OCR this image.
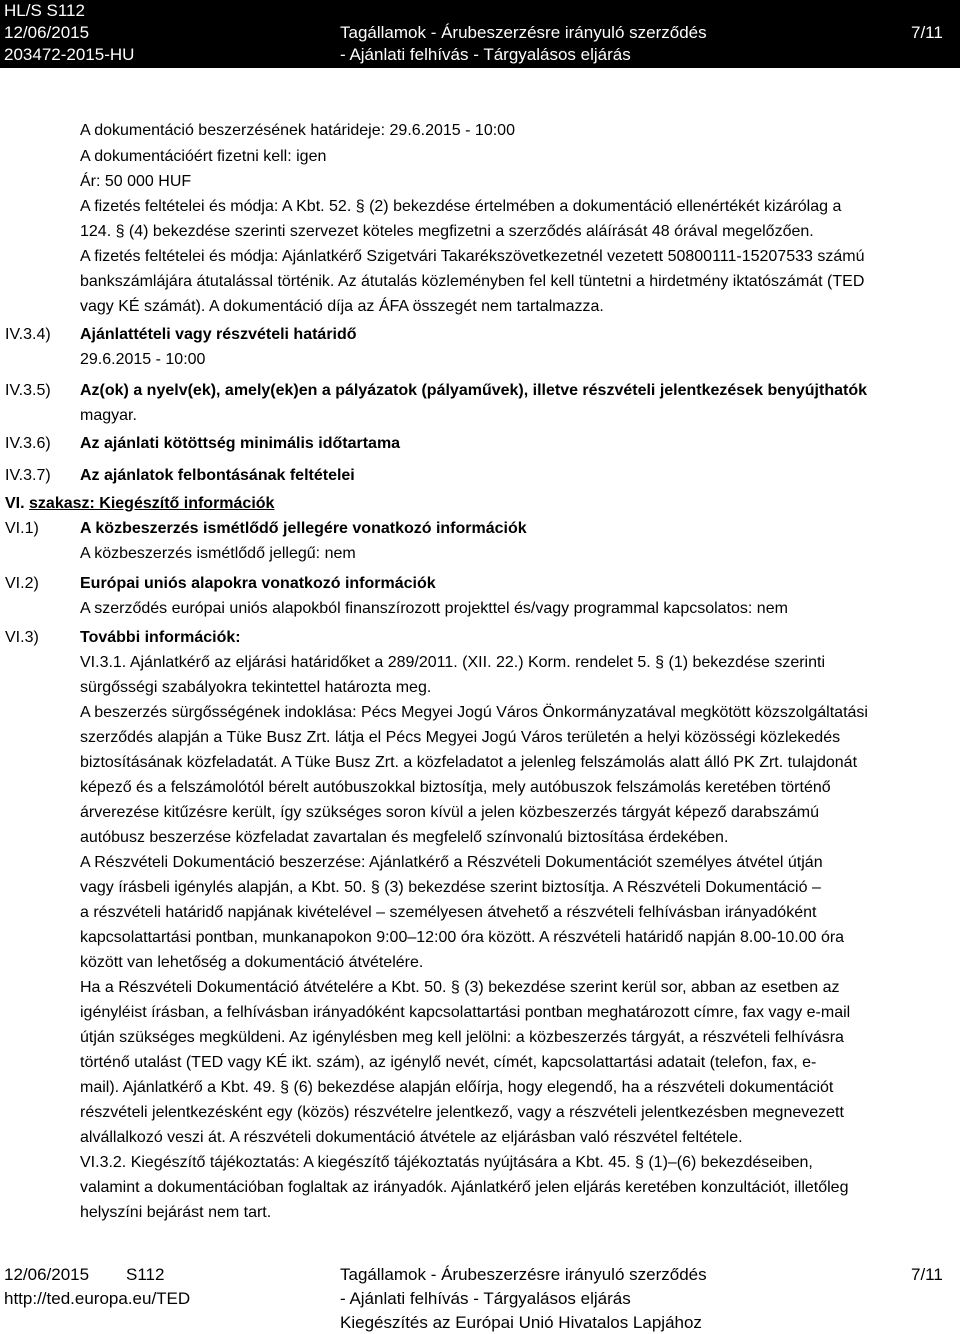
HL/S S112
12/06/2015
203472-2015-HU
Tagállamok - Árubeszerzésre irányuló szerződés
- Ajánlati felhívás - Tárgyalásos eljárás
7/11
A dokumentáció beszerzésének határideje: 29.6.2015 - 10:00
A dokumentációért fizetni kell: igen
Ár: 50 000 HUF
A fizetés feltételei és módja: A Kbt. 52. § (2) bekezdése értelmében a dokumentáció ellenértékét kizárólag a
124. § (4) bekezdése szerinti szervezet köteles megfizetni a szerződés aláírását 48 órával megelőzően.
A fizetés feltételei és módja: Ajánlatkérő Szigetvári Takarékszövetkezetnél vezetett 50800111-15207533 számú
bankszámlájára átutalással történik. Az átutalás közleményben fel kell tüntetni a hirdetmény iktatószámát (TED
vagy KÉ számát). A dokumentáció díja az ÁFA összegét nem tartalmazza.
IV.3.4) Ajánlattételi vagy részvételi határidő
29.6.2015 - 10:00
IV.3.5) Az(ok) a nyelv(ek), amely(ek)en a pályázatok (pályaművek), illetve részvételi jelentkezések benyújthatók
magyar.
IV.3.6) Az ajánlati kötöttség minimális időtartama
IV.3.7) Az ajánlatok felbontásának feltételei
VI. szakasz: Kiegészítő információk
VI.1)	A közbeszerzés ismétlődő jellegére vonatkozó információk
A közbeszerzés ismétlődő jellegű: nem
VI.2)	Európai uniós alapokra vonatkozó információk
A szerződés európai uniós alapokból finanszírozott projekttel és/vagy programmal kapcsolatos: nem
VI.3)	További információk:
VI.3.1. Ajánlatkérő az eljárási határidőket a 289/2011. (XII. 22.) Korm. rendelet 5. § (1) bekezdése szerinti
sürgősségi szabályokra tekintettel határozta meg.
A beszerzés sürgősségének indoklása: Pécs Megyei Jogú Város Önkormányzatával megkötött közszolgáltatási
szerződés alapján a Tüke Busz Zrt. látja el Pécs Megyei Jogú Város területén a helyi közösségi közlekedés
biztosításának közfeladatát. A Tüke Busz Zrt. a közfeladatot a jelenleg felszámolás alatt álló PK Zrt. tulajdonát
képező és a felszámolótól bérelt autóbuszokkal biztosítja, mely autóbuszok felszámolás keretében történő
árverezése kitűzésre került, így szükséges soron kívül a jelen közbeszerzés tárgyát képező darabszámú
autóbusz beszerzése közfeladat zavartalan és megfelelő színvonalú biztosítása érdekében.
A Részvételi Dokumentáció beszerzése: Ajánlatkérő a Részvételi Dokumentációt személyes átvétel útján
vagy írásbeli igénylés alapján, a Kbt. 50. § (3) bekezdése szerint biztosítja. A Részvételi Dokumentáció –
a részvételi határidő napjának kivételével – személyesen átvehető a részvételi felhívásban irányadóként
kapcsolattartási pontban, munkanapokon 9:00–12:00 óra között. A részvételi határidő napján 8.00-10.00 óra
között van lehetőség a dokumentáció átvételére.
Ha a Részvételi Dokumentáció átvételére a Kbt. 50. § (3) bekezdése szerint kerül sor, abban az esetben az
igényléist írásban, a felhívásban irányadóként kapcsolattartási pontban meghatározott címre, fax vagy e-mail
útján szükséges megküldeni. Az igénylésben meg kell jelölni: a közbeszerzés tárgyát, a részvételi felhívásra
történő utalást (TED vagy KÉ ikt. szám), az igénylő nevét, címét, kapcsolattartási adatait (telefon, fax, e-
mail). Ajánlatkérő a Kbt. 49. § (6) bekezdése alapján előírja, hogy elegendő, ha a részvételi dokumentációt
részvételi jelentkezésként egy (közös) részvételre jelentkező, vagy a részvételi jelentkezésben megnevezett
alvállalkozó veszi át. A részvételi dokumentáció átvétele az eljárásban való részvétel feltétele.
VI.3.2. Kiegészítő tájékoztatás: A kiegészítő tájékoztatás nyújtására a Kbt. 45. § (1)–(6) bekezdéseiben,
valamint a dokumentációban foglaltak az irányadók. Ajánlatkérő jelen eljárás keretében konzultációt, illetőleg
helyszíni bejárást nem tart.
12/06/2015 S112
http://ted.europa.eu/TED
Tagállamok - Árubeszerzésre irányuló szerződés
- Ajánlati felhívás - Tárgyalásos eljárás
Kiegészítés az Európai Unió Hivatalos Lapjához
7/11
